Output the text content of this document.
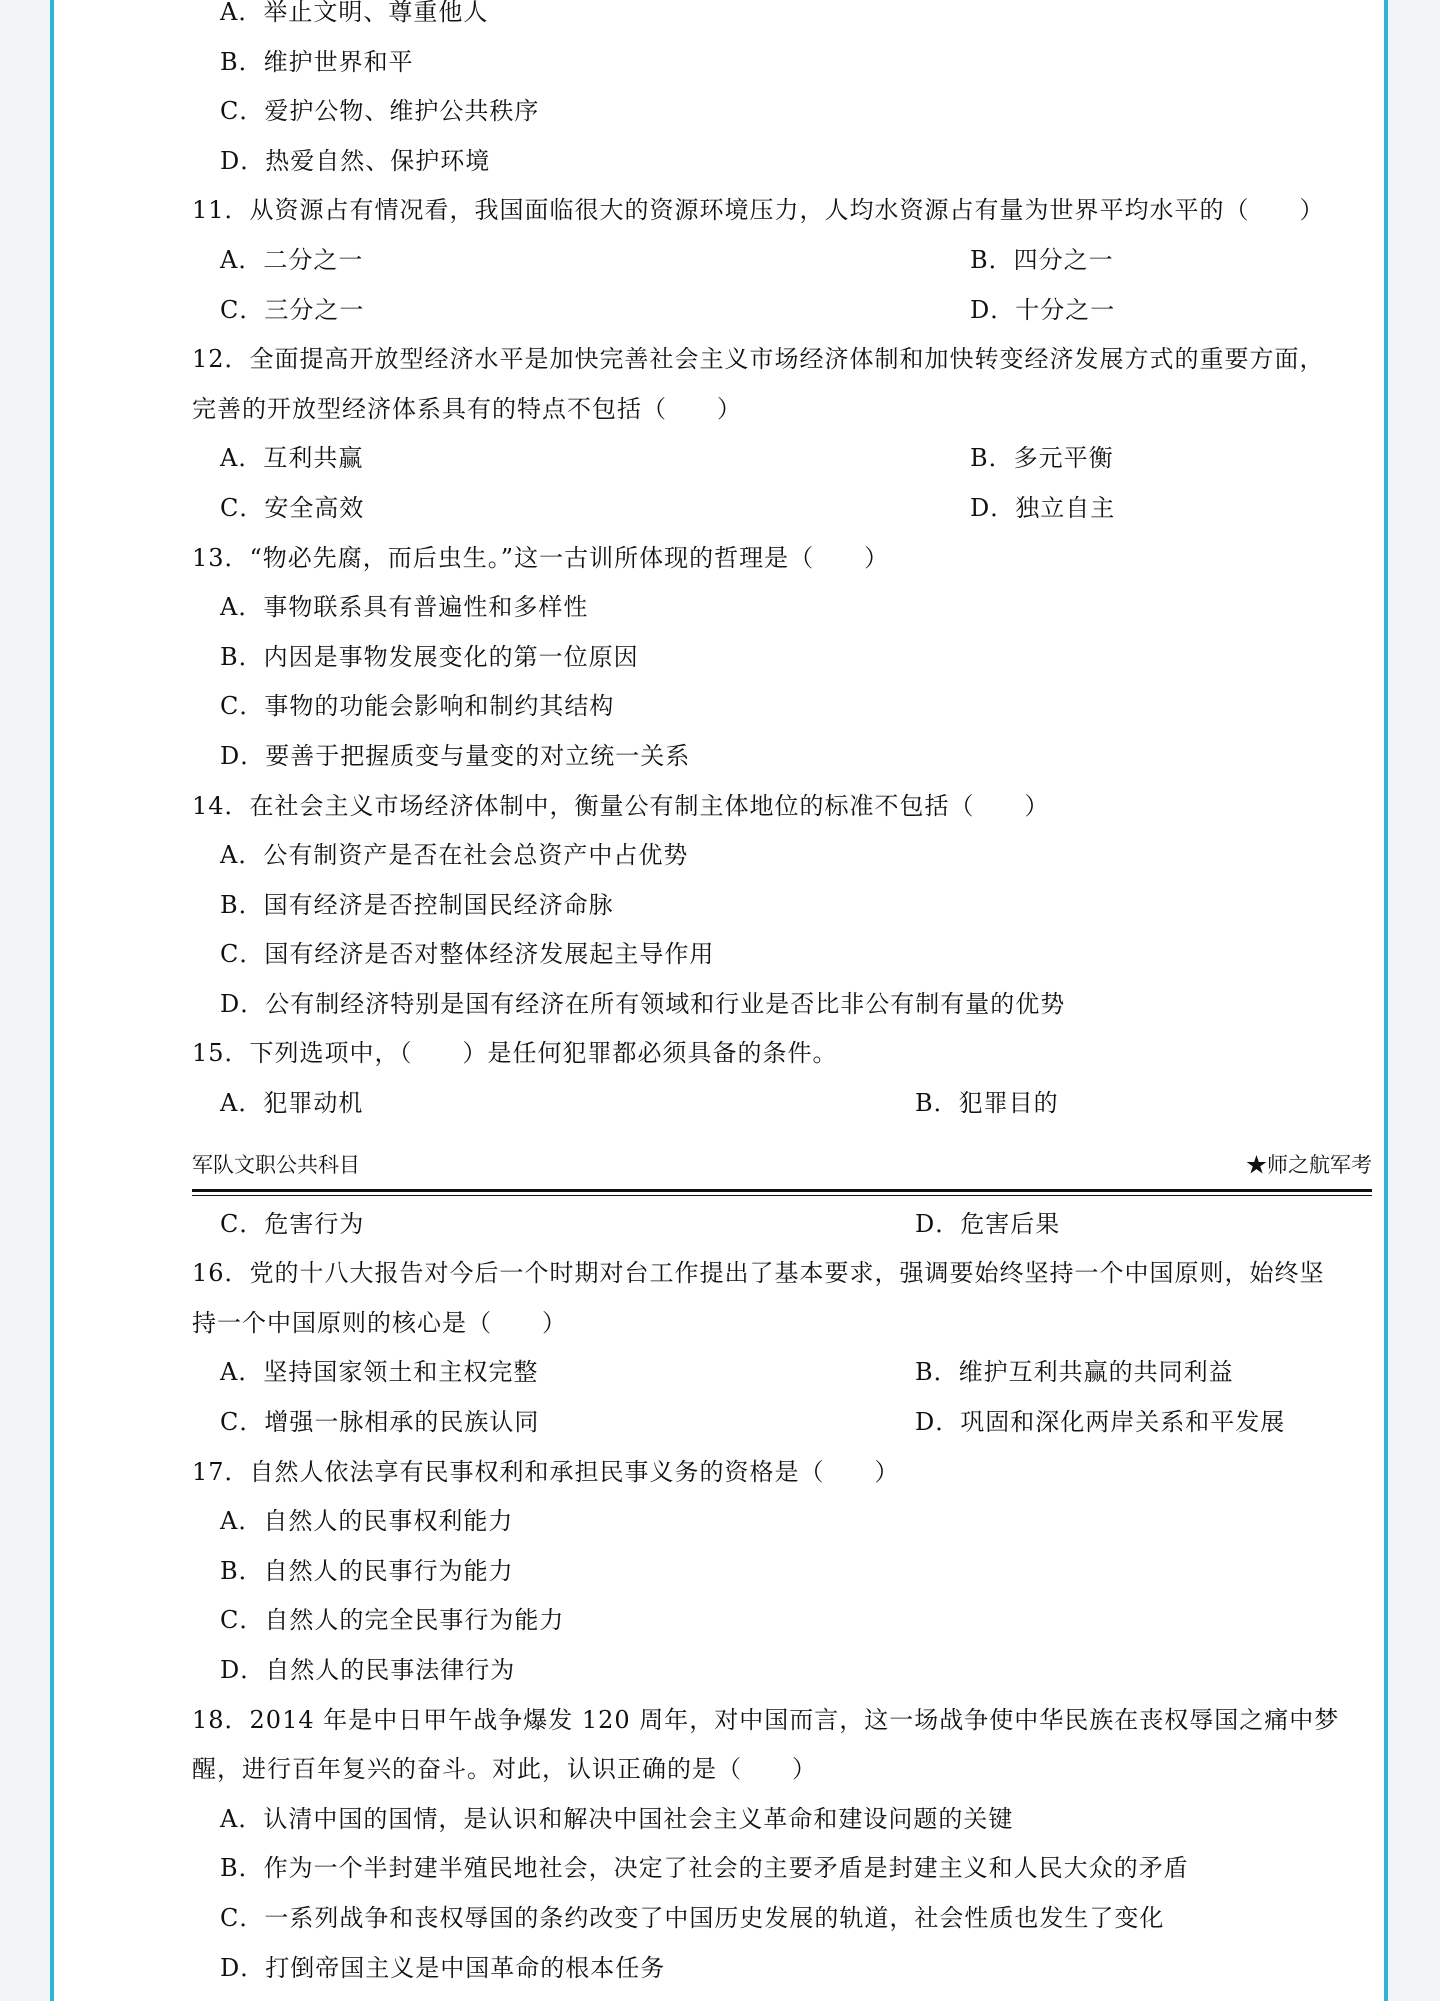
A．举止文明、尊重他人
B．维护世界和平
C．爱护公物、维护公共秩序
D．热爱自然、保护环境
11．从资源占有情况看，我国面临很大的资源环境压力，人均水资源占有量为世界平均水平的（　　）
A．二分之一	B．四分之一
C．三分之一	D．十分之一
12．全面提高开放型经济水平是加快完善社会主义市场经济体制和加快转变经济发展方式的重要方面，
完善的开放型经济体系具有的特点不包括（　　）
A．互利共赢	B．多元平衡
C．安全高效	D．独立自主
13．“物必先腐，而后虫生。”这一古训所体现的哲理是（　　）
A．事物联系具有普遍性和多样性
B．内因是事物发展变化的第一位原因
C．事物的功能会影响和制约其结构
D．要善于把握质变与量变的对立统一关系
14．在社会主义市场经济体制中，衡量公有制主体地位的标准不包括（　　）
A．公有制资产是否在社会总资产中占优势
B．国有经济是否控制国民经济命脉
C．国有经济是否对整体经济发展起主导作用
D．公有制经济特别是国有经济在所有领域和行业是否比非公有制有量的优势
15．下列选项中，（　　）是任何犯罪都必须具备的条件。
A．犯罪动机	B．犯罪目的
军队文职公共科目	★师之航军考
C．危害行为	D．危害后果
16．党的十八大报告对今后一个时期对台工作提出了基本要求，强调要始终坚持一个中国原则，始终坚
持一个中国原则的核心是（　　）
A．坚持国家领土和主权完整	B．维护互利共赢的共同利益
C．增强一脉相承的民族认同	D．巩固和深化两岸关系和平发展
17．自然人依法享有民事权利和承担民事义务的资格是（　　）
A．自然人的民事权利能力
B．自然人的民事行为能力
C．自然人的完全民事行为能力
D．自然人的民事法律行为
18．2014 年是中日甲午战争爆发 120 周年，对中国而言，这一场战争使中华民族在丧权辱国之痛中梦
醒，进行百年复兴的奋斗。对此，认识正确的是（　　）
A．认清中国的国情，是认识和解决中国社会主义革命和建设问题的关键
B．作为一个半封建半殖民地社会，决定了社会的主要矛盾是封建主义和人民大众的矛盾
C．一系列战争和丧权辱国的条约改变了中国历史发展的轨道，社会性质也发生了变化
D．打倒帝国主义是中国革命的根本任务
